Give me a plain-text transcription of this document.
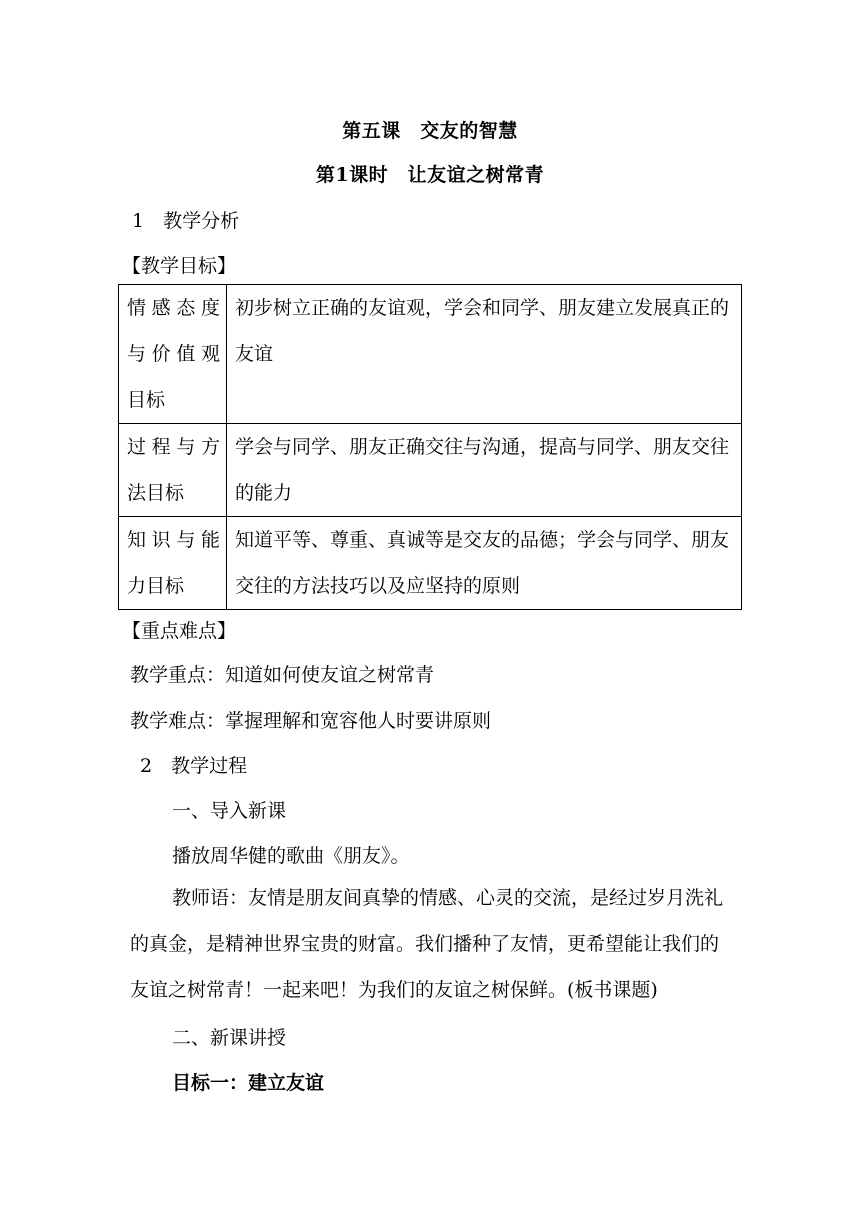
第五课　交友的智慧
第1课时　让友谊之树常青
1　教学分析
【教学目标】
情感态度
与价值观
目标	初步树立正确的友谊观，学会和同学、朋友建立发展真正的友谊

过程与方
法目标	学会与同学、朋友正确交往与沟通，提高与同学、朋友交往的能力

知识与能
力目标	知道平等、尊重、真诚等是交友的品德；学会与同学、朋友交往的方法技巧以及应坚持的原则
【重点难点】
教学重点：知道如何使友谊之树常青
教学难点：掌握理解和宽容他人时要讲原则
2　教学过程
一、导入新课
播放周华健的歌曲《朋友》。
教师语：友情是朋友间真挚的情感、心灵的交流，是经过岁月洗礼的真金，是精神世界宝贵的财富。我们播种了友情，更希望能让我们的友谊之树常青！一起来吧！为我们的友谊之树保鲜。(板书课题)
二、新课讲授
目标一：建立友谊
